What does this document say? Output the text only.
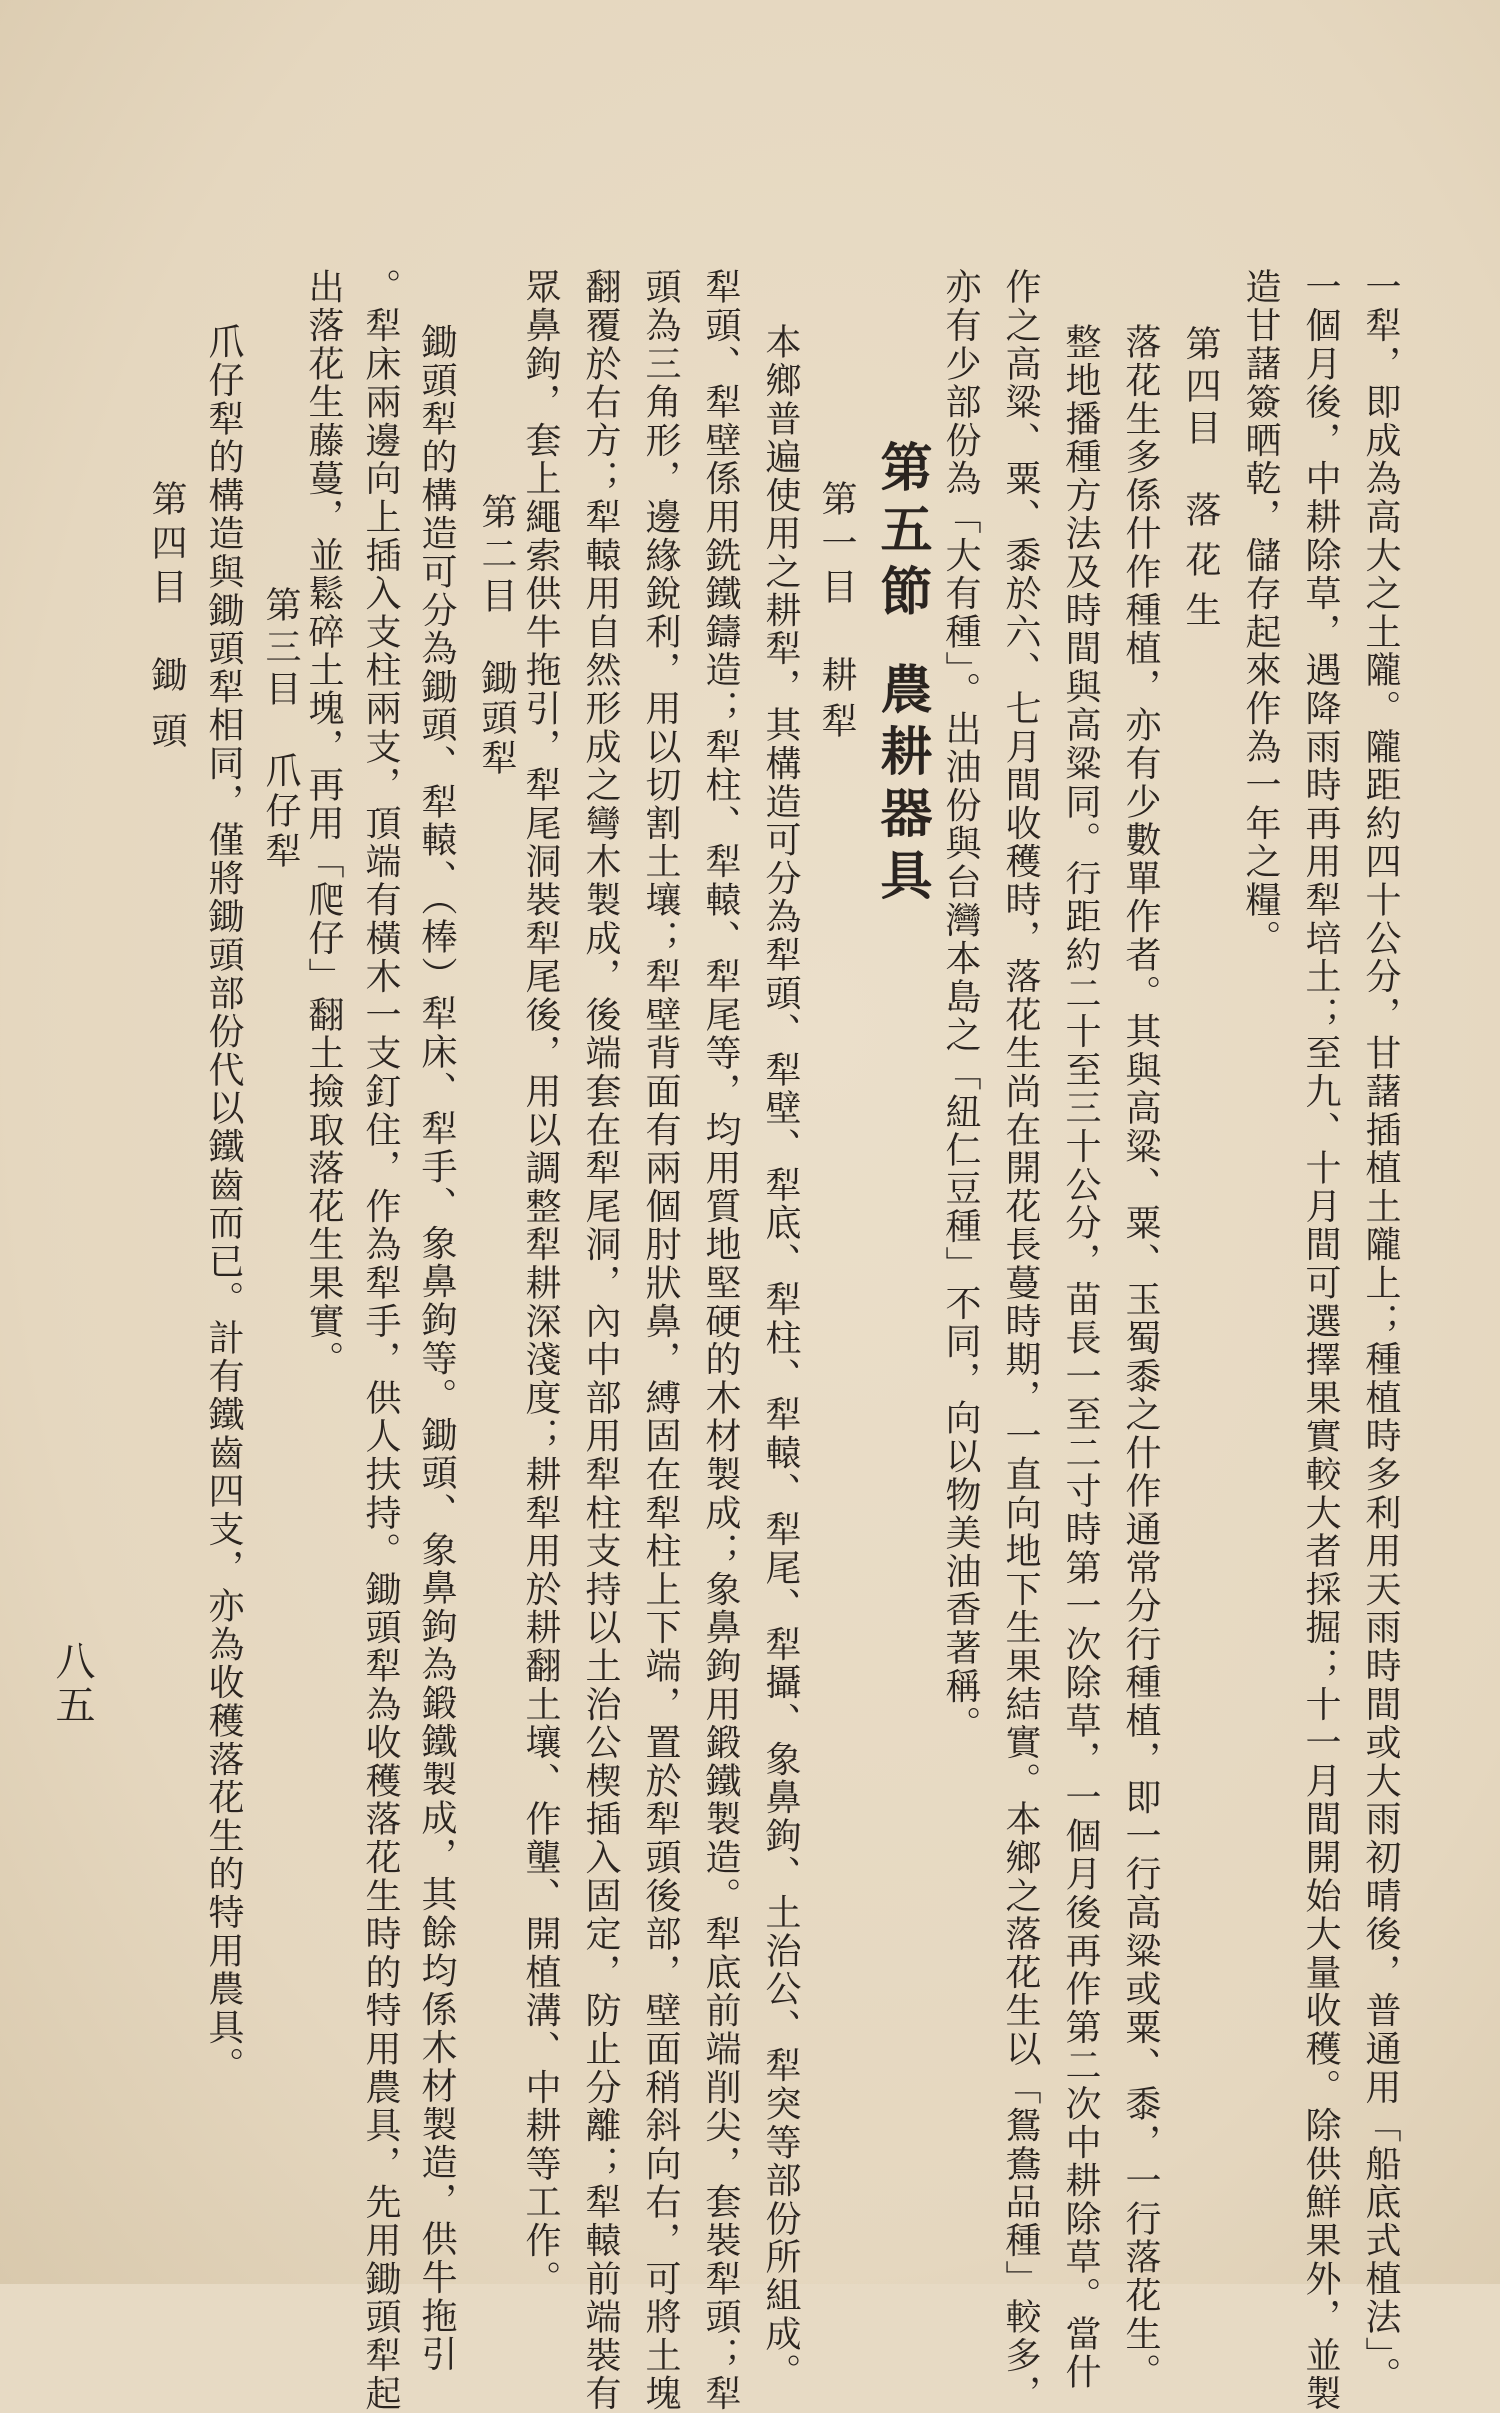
一犁，即成為高大之土隴。隴距約四十公分，甘藷插植土隴上；種植時多利用天雨時間或大雨初晴後，普通用「船底式植法」。
一個月後，中耕除草，遇降雨時再用犁培土；至九、十月間可選擇果實較大者採掘；十一月間開始大量收穫。除供鮮果外，並製
造甘藷簽晒乾，儲存起來作為一年之糧。
第四目落花生
落花生多係什作種植，亦有少數單作者。其與高粱、粟、玉蜀黍之什作通常分行種植，即一行高粱或粟、黍，一行落花生。
整地播種方法及時間與高粱同。行距約二十至三十公分，苗長一至二寸時第一次除草，一個月後再作第二次中耕除草。當什
作之高粱、粟、黍於六、七月間收穫時，落花生尚在開花長蔓時期，一直向地下生果結實。本鄉之落花生以「鴛鴦品種」較多，
亦有少部份為「大有種」。出油份與台灣本島之「紐仁豆種」不同，向以物美油香著稱。
第五節農耕器具
第一目耕犁
本鄉普遍使用之耕犁，其構造可分為犁頭、犁壁、犁底、犁柱、犁轅、犁尾、犁攝、象鼻鉤、土治公、犁突等部份所組成。
犁頭、犁壁係用銑鐵鑄造；犁柱、犁轅、犁尾等，均用質地堅硬的木材製成；象鼻鉤用鍛鐵製造。犁底前端削尖，套裝犁頭；犁
頭為三角形，邊緣銳利，用以切割土壤；犁壁背面有兩個肘狀鼻，縛固在犁柱上下端，置於犁頭後部，壁面稍斜向右，可將土塊
翻覆於右方；犁轅用自然形成之彎木製成，後端套在犁尾洞，內中部用犁柱支持以土治公楔插入固定，防止分離；犁轅前端裝有
眾鼻鉤，套上繩索供牛拖引，犁尾洞裝犁尾後，用以調整犁耕深淺度；耕犁用於耕翻土壤、作壟、開植溝、中耕等工作。
第二目鋤頭犁
鋤頭犁的構造可分為鋤頭、犁轅、（棒）犁床、犁手、象鼻鉤等。鋤頭、象鼻鉤為鍛鐵製成，其餘均係木材製造，供牛拖引
。犁床兩邊向上插入支柱兩支，頂端有橫木一支釘住，作為犁手，供人扶持。鋤頭犁為收穫落花生時的特用農具，先用鋤頭犁起
出落花生藤蔓，並鬆碎土塊，再用「爬仔」翻土撿取落花生果實。
第三目爪仔犁
爪仔犁的構造與鋤頭犁相同，僅將鋤頭部份代以鐵齒而已。計有鐵齒四支，亦為收穫落花生的特用農具。
第四目鋤頭
八五
